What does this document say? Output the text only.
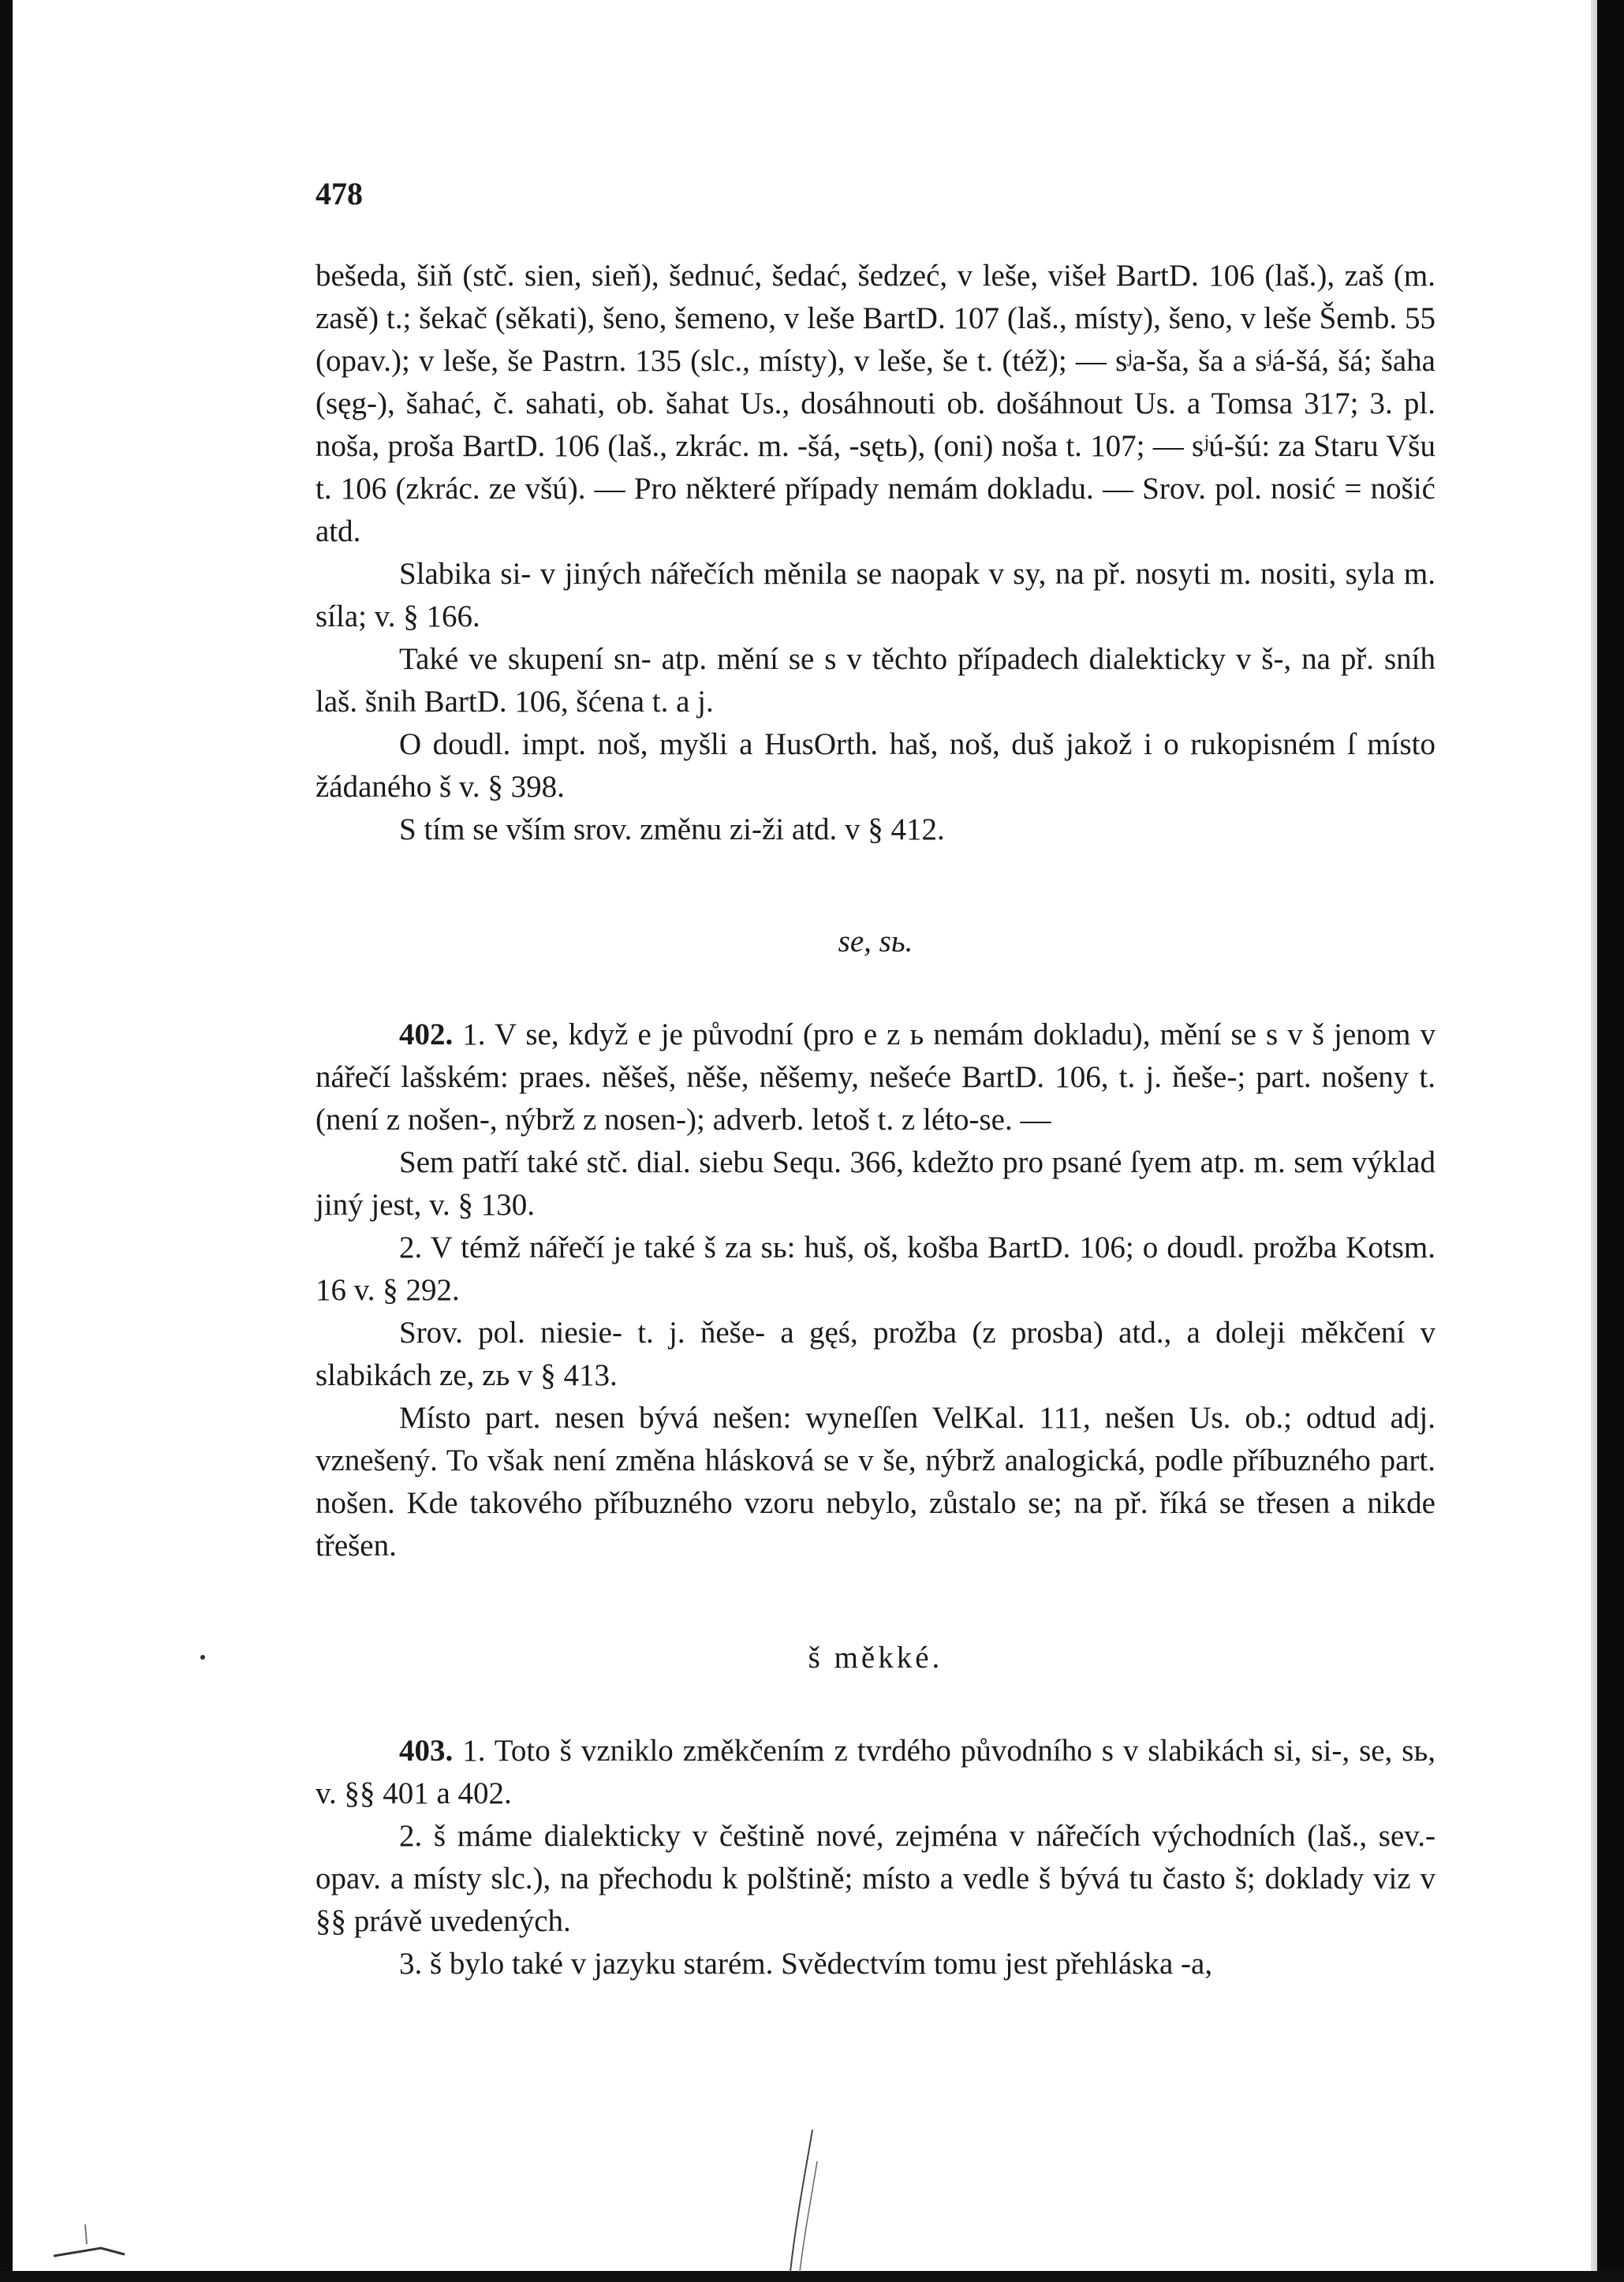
478

bešeda, šiň (stč. sien, sieň), šednuć, šedać, šedzeć, v leše, višeł BartD. 106 (laš.), zaš (m. zasě) t.; šekač (sěkati), šeno, šemeno, v leše BartD. 107 (laš., místy), šeno, v leše Šemb. 55 (opav.); v leše, še Pastrn. 135 (slc., místy), v leše, še t. (též); — sʲa-ša, ša a sʲá-šá, šá; šaha (sęg-), šahać, č. sahati, ob. šahat Us., dosáhnouti ob. došáhnout Us. a Tomsa 317; 3. pl. noša, proša BartD. 106 (laš., zkrác. m. -šá, -sętь), (oni) noša t. 107; — sʲú-šú: za Staru Všu t. 106 (zkrác. ze všú). — Pro některé případy nemám dokladu. — Srov. pol. nosić = nošić atd.

Slabika si- v jiných nářečích měnila se naopak v sy, na př. nosyti m. nositi, syla m. síla; v. § 166.

Také ve skupení sn- atp. mění se s v těchto případech dialekticky v š-, na př. sníh laš. šnih BartD. 106, šćena t. a j.

O doudl. impt. noš, myšli a HusOrth. haš, noš, duš jakož i o rukopisném ſ místo žádaného š v. § 398.

S tím se vším srov. změnu zi-ži atd. v § 412.

se, sь.

402. 1. V se, když e je původní (pro e z ь nemám dokladu), mění se s v š jenom v nářečí lašském: praes. něšeš, něše, něšemy, nešeće BartD. 106, t. j. ňeše-; part. nošeny t. (není z nošen-, nýbrž z nosen-); adverb. letoš t. z léto-se. —

Sem patří také stč. dial. siebu Sequ. 366, kdežto pro psané ſyem atp. m. sem výklad jiný jest, v. § 130.

2. V témž nářečí je také š za sь: huš, oš, košba BartD. 106; o doudl. prožba Kotsm. 16 v. § 292.

Srov. pol. niesie- t. j. ňeše- a gęś, prožba (z prosba) atd., a doleji měkčení v slabikách ze, zь v § 413.

Místo part. nesen bývá nešen: wyneſſen VelKal. 111, nešen Us. ob.; odtud adj. vznešený. To však není změna hlásková se v še, nýbrž analogická, podle příbuzného part. nošen. Kde takového příbuzného vzoru nebylo, zůstalo se; na př. říká se třesen a nikde třešen.

š měkké.

403. 1. Toto š vzniklo změkčením z tvrdého původního s v slabikách si, si-, se, sь, v. §§ 401 a 402.

2. š máme dialekticky v češtině nové, zejména v nářečích východních (laš., sev.-opav. a místy slc.), na přechodu k polštině; místo a vedle š bývá tu často š; doklady viz v §§ právě uvedených.

3. š bylo také v jazyku starém. Svědectvím tomu jest přehláska -a,
